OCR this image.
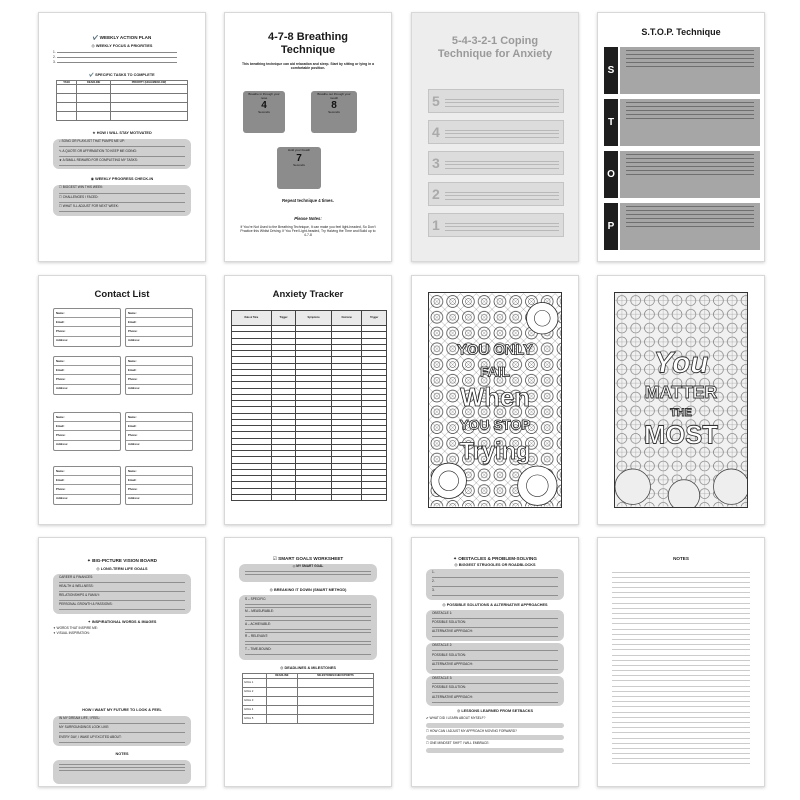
✔️ WEEKLY ACTION PLAN
◎ WEEKLY FOCUS & PRIORITIES
1.
2.
3.
✔️ SPECIFIC TASKS TO COMPLETE
TASK	DEADLINE	PRIORITY (HIGH/MED/LOW)

★ HOW I WILL STAY MOTIVATED
♪ SONG OR PLAYLIST THAT PUMPS ME UP:
✎ A QUOTE OR AFFIRMATION TO KEEP ME GOING:
★ A SMALL REWARD FOR COMPLETING MY TASKS:
◉ WEEKLY PROGRESS CHECK-IN
☐ BIGGEST WIN THIS WEEK:
☐ CHALLENGES I FACED:
☐ WHAT I'LL ADJUST FOR NEXT WEEK:
4-7-8 Breathing Technique
This breathing technique can aid relaxation and sleep. Start by sitting or lying in a comfortable position.
Breathe in through your nose
4
Seconds
Breathe out through your mouth
8
Seconds
Hold your breath
7
Seconds
Repeat technique 4 times.
Please Notes:
If You're Not Used to the Breathing Technique, It can make you feel light-headed, So Don't Practice this Whilst Driving. If You Feel Light-headed, Try Halving the Time and Build up to 4-7-8
5-4-3-2-1 Coping Technique for Anxiety
5
4
3
2
1
S.T.O.P. Technique
S
T
O
P
Contact List
Name:
Email:
Phone:
Address:
Name:
Email:
Phone:
Address:
Name:
Email:
Phone:
Address:
Name:
Email:
Phone:
Address:
Name:
Email:
Phone:
Address:
Name:
Email:
Phone:
Address:
Name:
Email:
Phone:
Address:
Name:
Email:
Phone:
Address:
Anxiety Tracker
Date & Time	Trigger	Symptoms	Outcome	Trigger

YOU ONLY
FAIL
When
YOU STOP
Trying
You
MATTER
THE
MOST
✦ BIG-PICTURE VISION BOARD
◎ LONG-TERM LIFE GOALS
CAREER & FINANCES:
HEALTH & WELLNESS:
RELATIONSHIPS & FAMILY:
PERSONAL GROWTH & PASSIONS:
✦ INSPIRATIONAL WORDS & IMAGES
✦ WORDS THAT INSPIRE ME:
✦ VISUAL INSPIRATION:
HOW I WANT MY FUTURE TO LOOK & FEEL
IN MY DREAM LIFE, I FEEL:
MY SURROUNDINGS LOOK LIKE:
EVERY DAY, I WAKE UP EXCITED ABOUT:
NOTES
☑ SMART GOALS WORKSHEET
◎ MY SMART GOAL
◎ BREAKING IT DOWN (SMART METHOD)
S – SPECIFIC:
M – MEASURABLE:
A – ACHIEVABLE:
R – RELEVANT:
T – TIME-BOUND:
◎ DEADLINES & MILESTONES
	DEADLINE	MILESTONES/CHECKPOINTS
GOAL 1		
GOAL 2		
GOAL 3		
GOAL 4		
GOAL 5		
✦ OBSTACLES & PROBLEM-SOLVING
◎ BIGGEST STRUGGLES OR ROADBLOCKS
1.
2.
3.
◎ POSSIBLE SOLUTIONS & ALTERNATIVE APPROACHES
OBSTACLE 1:
POSSIBLE SOLUTION:
ALTERNATIVE APPROACH:
OBSTACLE 2:
POSSIBLE SOLUTION:
ALTERNATIVE APPROACH:
OBSTACLE 3:
POSSIBLE SOLUTION:
ALTERNATIVE APPROACH:
◎ LESSONS LEARNED FROM SETBACKS
✔ WHAT DID I LEARN ABOUT MYSELF?
☐ HOW CAN I ADJUST MY APPROACH MOVING FORWARD?
☐ ONE MINDSET SHIFT I WILL EMBRACE:
NOTES
